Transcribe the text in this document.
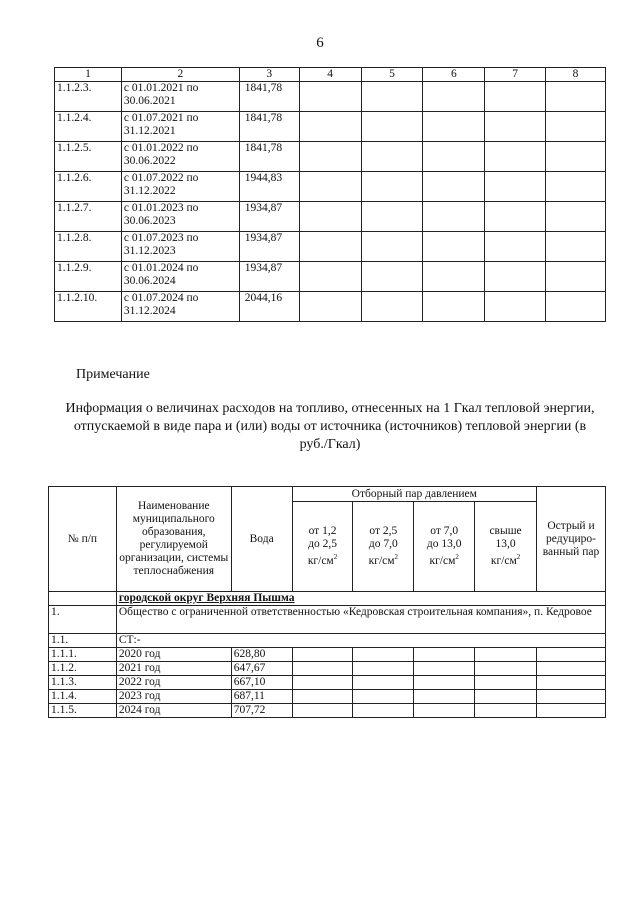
6
1	2	3	4	5	6	7	8
1.1.2.3.	с 01.01.2021 по
30.06.2021	1841,78					
1.1.2.4.	с 01.07.2021 по
31.12.2021	1841,78					
1.1.2.5.	с 01.01.2022 по
30.06.2022	1841,78					
1.1.2.6.	с 01.07.2022 по
31.12.2022	1944,83					
1.1.2.7.	с 01.01.2023 по
30.06.2023	1934,87					
1.1.2.8.	с 01.07.2023 по
31.12.2023	1934,87					
1.1.2.9.	с 01.01.2024 по
30.06.2024	1934,87					
1.1.2.10.	с 01.07.2024 по
31.12.2024	2044,16					
Примечание
Информация о величинах расходов на топливо, отнесенных на 1 Гкал тепловой энергии, отпускаемой в виде пара и (или) воды от источника (источников) тепловой энергии (в руб./Гкал)
№ п/п	Наименование муниципального образования, регулируемой организации, системы теплоснабжения	Вода	Отборный пар давлением				Острый и редуциро-ванный пар
			от 1,2
до 2,5
$кг/см^2$	от 2,5
до 7,0
$кг/см^2$	от 7,0
до 13,0
$кг/см^2$	свыше
13,0
$кг/см^2$
	городской округ Верхняя Пышма						
1.	Общество с ограниченной ответственностью «Кедровская строительная компания», п. Кедровое						
1.1.	СТ:-						
1.1.1.	2020 год	628,80					
1.1.2.	2021 год	647,67					
1.1.3.	2022 год	667,10					
1.1.4.	2023 год	687,11					
1.1.5.	2024 год	707,72					
